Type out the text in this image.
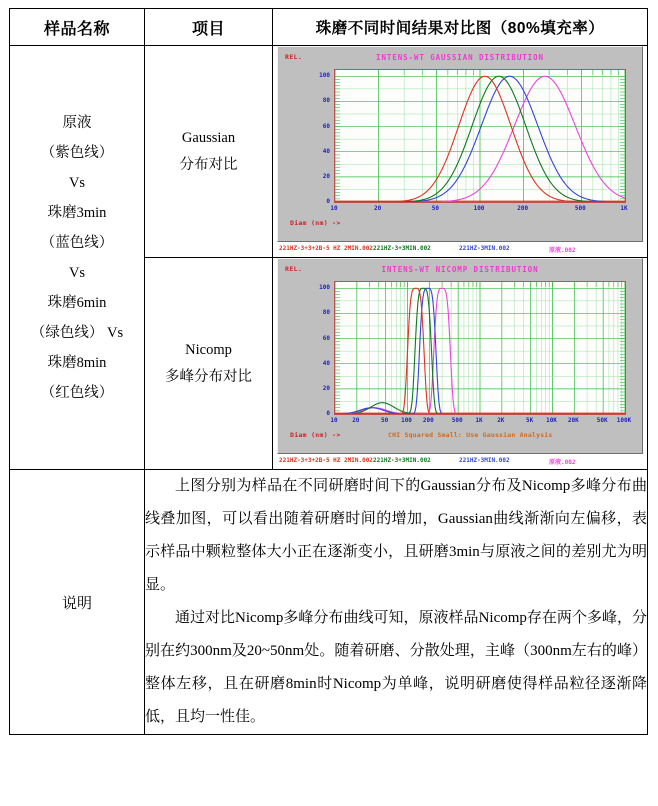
样品名称	项目	珠磨不同时间结果对比图（80%填充率）

原液
（紫色线）
Vs
珠磨3min
（蓝色线）
Vs
珠磨6min
（绿色线） Vs
珠磨8min
（红色线）

Gaussian
分布对比

REL.	INTENS-WT GAUSSIAN DISTRIBUTION
Diam (nm) ->
0
20
40
60
80
100
10	20	50	100	200	500	1K
221HZ-3+3+2B-5 HZ 2MIN.002 221HZ-3+3MIN.002	221HZ-3MIN.002	原液.002

Nicomp
多峰分布对比

REL.	INTENS-WT NICOMP DISTRIBUTION
Diam (nm) ->	CHI Squared Small: Use Gaussian Analysis
0
20
40
60
80
100
10 20	50 100 200	500 1K 2K	5K 10K 20K	50K 100K
221HZ-3+3+2B-5 HZ 2MIN.002 221HZ-3+3MIN.002	221HZ-3MIN.002	原液.002

说明	上图分别为样品在不同研磨时间下的Gaussian分布及Nicomp多峰分布曲线叠加图，可以看出随着研磨时间的增加，Gaussian曲线渐渐向左偏移，表示样品中颗粒整体大小正在逐渐变小，且研磨3min与原液之间的差别尤为明显。

通过对比Nicomp多峰分布曲线可知，原液样品Nicomp存在两个多峰，分别在约300nm及20~50nm处。随着研磨、分散处理，主峰（300nm左右的峰）整体左移，且在研磨8min时Nicomp为单峰，说明研磨使得样品粒径逐渐降低，且均一性佳。	
